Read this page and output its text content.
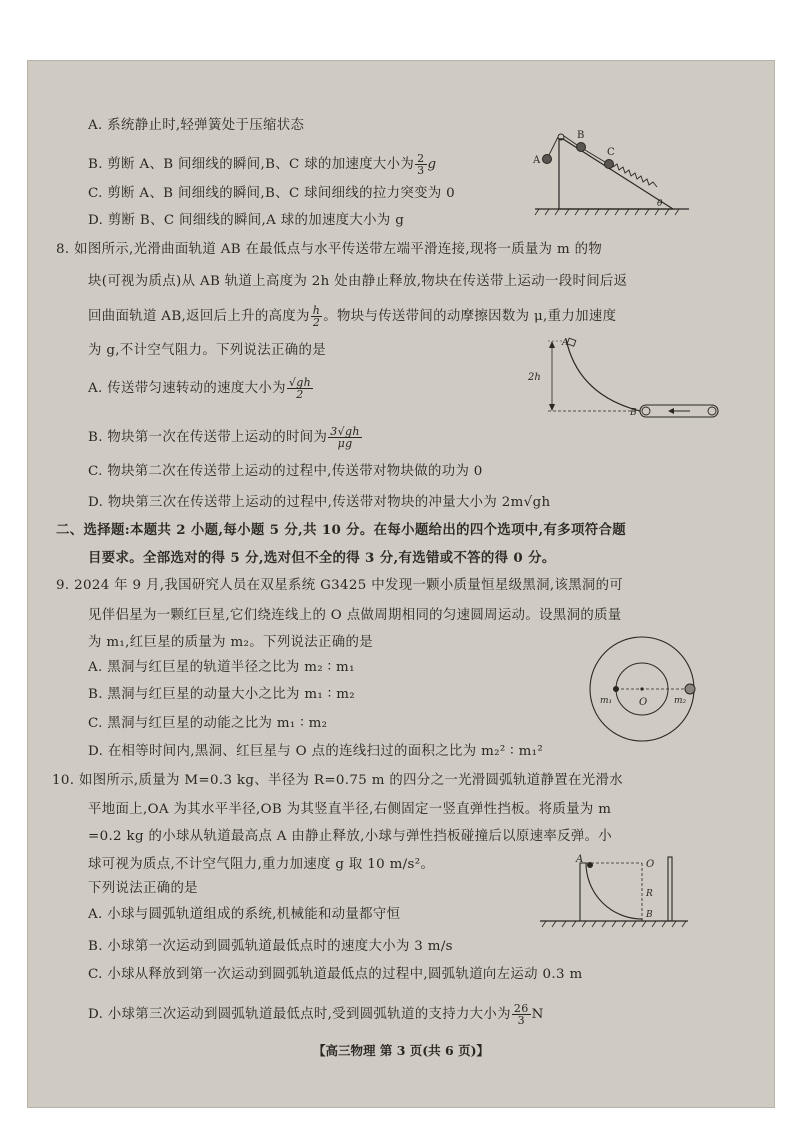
A. 系统静止时,轻弹簧处于压缩状态
B. 剪断 A、B 间细线的瞬间,B、C 球的加速度大小为 $\frac{2}{3}$ g
C. 剪断 A、B 间细线的瞬间,B、C 球间细线的拉力突变为 0
D. 剪断 B、C 间细线的瞬间,A 球的加速度大小为 g
A
B
C
θ
8. 如图所示,光滑曲面轨道 AB 在最低点与水平传送带左端平滑连接,现将一质量为 m 的物
块(可视为质点)从 AB 轨道上高度为 2h 处由静止释放,物块在传送带上运动一段时间后返
回曲面轨道 AB,返回后上升的高度为 $\frac{h}{2}$ 。物块与传送带间的动摩擦因数为 μ,重力加速度
为 g,不计空气阻力。下列说法正确的是
A. 传送带匀速转动的速度大小为 $\frac{√gh}{2}$
B. 物块第一次在传送带上运动的时间为 $\frac{3√gh}{\mu g}$
C. 物块第二次在传送带上运动的过程中,传送带对物块做的功为 0
D. 物块第三次在传送带上运动的过程中,传送带对物块的冲量大小为 2m√gh
A
2h
B
二、选择题:本题共 2 小题,每小题 5 分,共 10 分。在每小题给出的四个选项中,有多项符合题
目要求。全部选对的得 5 分,选对但不全的得 3 分,有选错或不答的得 0 分。
9. 2024 年 9 月,我国研究人员在双星系统 G3425 中发现一颗小质量恒星级黑洞,该黑洞的可
见伴侣星为一颗红巨星,它们绕连线上的 O 点做周期相同的匀速圆周运动。设黑洞的质量
为 m₁,红巨星的质量为 m₂。下列说法正确的是
A. 黑洞与红巨星的轨道半径之比为 m₂ ∶ m₁
B. 黑洞与红巨星的动量大小之比为 m₁ ∶ m₂
C. 黑洞与红巨星的动能之比为 m₁ ∶ m₂
D. 在相等时间内,黑洞、红巨星与 O 点的连线扫过的面积之比为 m₂² ∶ m₁²
m₁	O	m₂
10. 如图所示,质量为 M=0.3 kg、半径为 R=0.75 m 的四分之一光滑圆弧轨道静置在光滑水
平地面上,OA 为其水平半径,OB 为其竖直半径,右侧固定一竖直弹性挡板。将质量为 m
=0.2 kg 的小球从轨道最高点 A 由静止释放,小球与弹性挡板碰撞后以原速率反弹。小
球可视为质点,不计空气阻力,重力加速度 g 取 10 m/s²。
下列说法正确的是
A. 小球与圆弧轨道组成的系统,机械能和动量都守恒
B. 小球第一次运动到圆弧轨道最低点时的速度大小为 3 m/s
C. 小球从释放到第一次运动到圆弧轨道最低点的过程中,圆弧轨道向左运动 0.3 m
D. 小球第三次运动到圆弧轨道最低点时,受到圆弧轨道的支持力大小为 $\frac{26}{3}$ N
A	O
R
B
【高三物理 第 3 页(共 6 页)】
